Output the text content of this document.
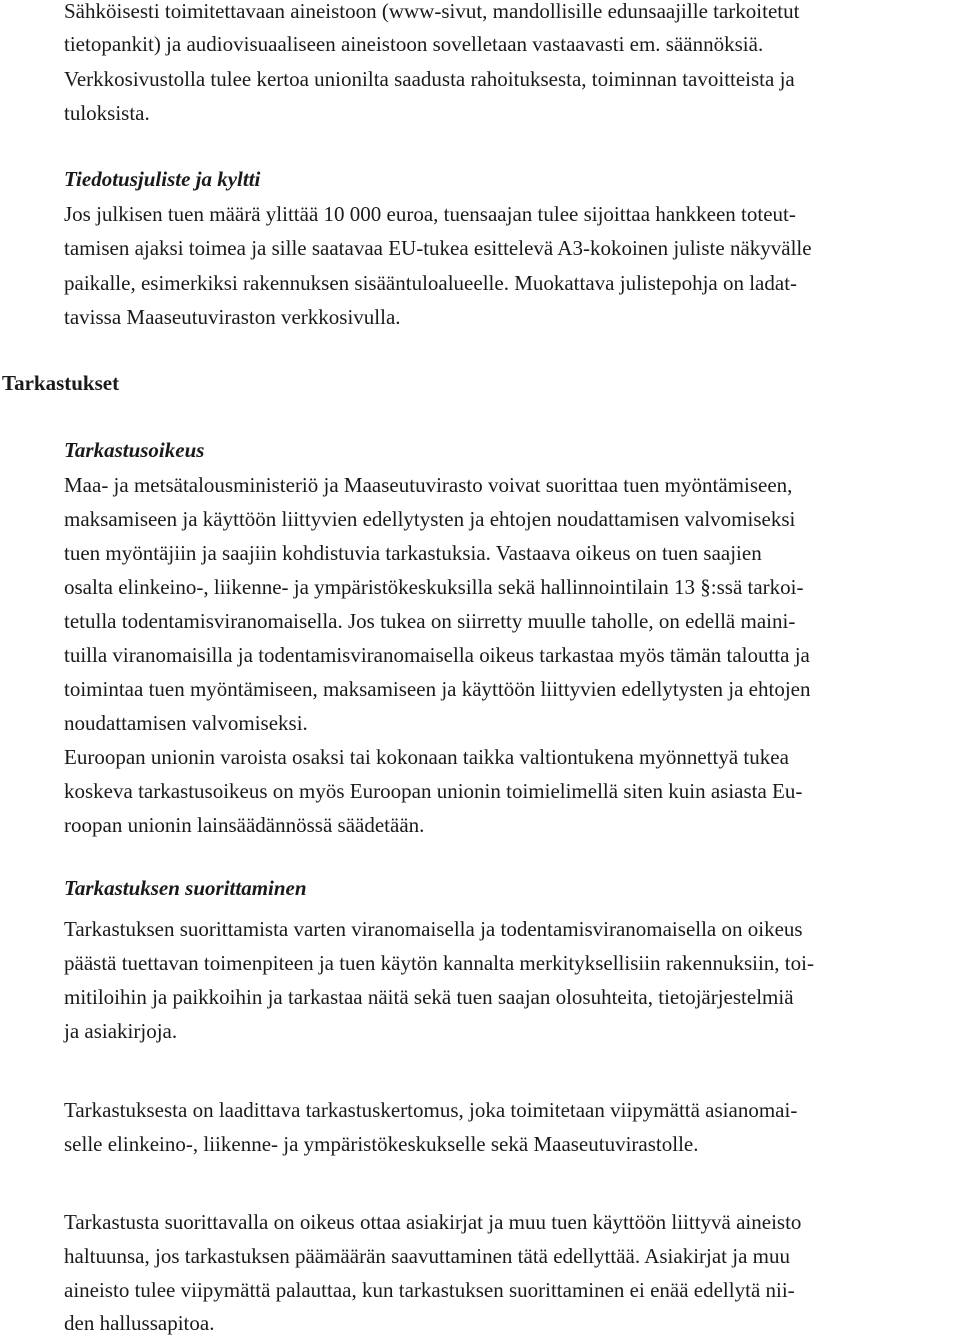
Sähköisesti toimitettavaan aineistoon (www-sivut, mandollisille edunsaajille tarkoitetut
tietopankit) ja audiovisuaaliseen aineistoon sovelletaan vastaavasti em. säännöksiä.
Verkkosivustolla tulee kertoa unionilta saadusta rahoituksesta, toiminnan tavoitteista ja
tuloksista.
Tiedotusjuliste ja kyltti
Jos julkisen tuen määrä ylittää 10 000 euroa, tuensaajan tulee sijoittaa hankkeen toteut-
tamisen ajaksi toimea ja sille saatavaa EU-tukea esittelevä A3-kokoinen juliste näkyvälle
paikalle, esimerkiksi rakennuksen sisääntuloalueelle. Muokattava julistepohja on ladat-
tavissa Maaseutuviraston verkkosivulla.
Tarkastukset
Tarkastusoikeus
Maa- ja metsätalousministeriö ja Maaseutuvirasto voivat suorittaa tuen myöntämiseen,
maksamiseen ja käyttöön liittyvien edellytysten ja ehtojen noudattamisen valvomiseksi
tuen myöntäjiin ja saajiin kohdistuvia tarkastuksia. Vastaava oikeus on tuen saajien
osalta elinkeino-, liikenne- ja ympäristökeskuksilla sekä hallinnointilain 13 §:ssä tarkoi-
tetulla todentamisviranomaisella. Jos tukea on siirretty muulle taholle, on edellä maini-
tuilla viranomaisilla ja todentamisviranomaisella oikeus tarkastaa myös tämän taloutta ja
toimintaa tuen myöntämiseen, maksamiseen ja käyttöön liittyvien edellytysten ja ehtojen
noudattamisen valvomiseksi.
Euroopan unionin varoista osaksi tai kokonaan taikka valtiontukena myönnettyä tukea
koskeva tarkastusoikeus on myös Euroopan unionin toimielimellä siten kuin asiasta Eu-
roopan unionin lainsäädännössä säädetään.
Tarkastuksen suorittaminen
Tarkastuksen suorittamista varten viranomaisella ja todentamisviranomaisella on oikeus
päästä tuettavan toimenpiteen ja tuen käytön kannalta merkityksellisiin rakennuksiin, toi-
mitiloihin ja paikkoihin ja tarkastaa näitä sekä tuen saajan olosuhteita, tietojärjestelmiä
ja asiakirjoja.
Tarkastuksesta on laadittava tarkastuskertomus, joka toimitetaan viipymättä asianomai-
selle elinkeino-, liikenne- ja ympäristökeskukselle sekä Maaseutuvirastolle.
Tarkastusta suorittavalla on oikeus ottaa asiakirjat ja muu tuen käyttöön liittyvä aineisto
haltuunsa, jos tarkastuksen päämäärän saavuttaminen tätä edellyttää. Asiakirjat ja muu
aineisto tulee viipymättä palauttaa, kun tarkastuksen suorittaminen ei enää edellytä nii-
den hallussapitoa.
